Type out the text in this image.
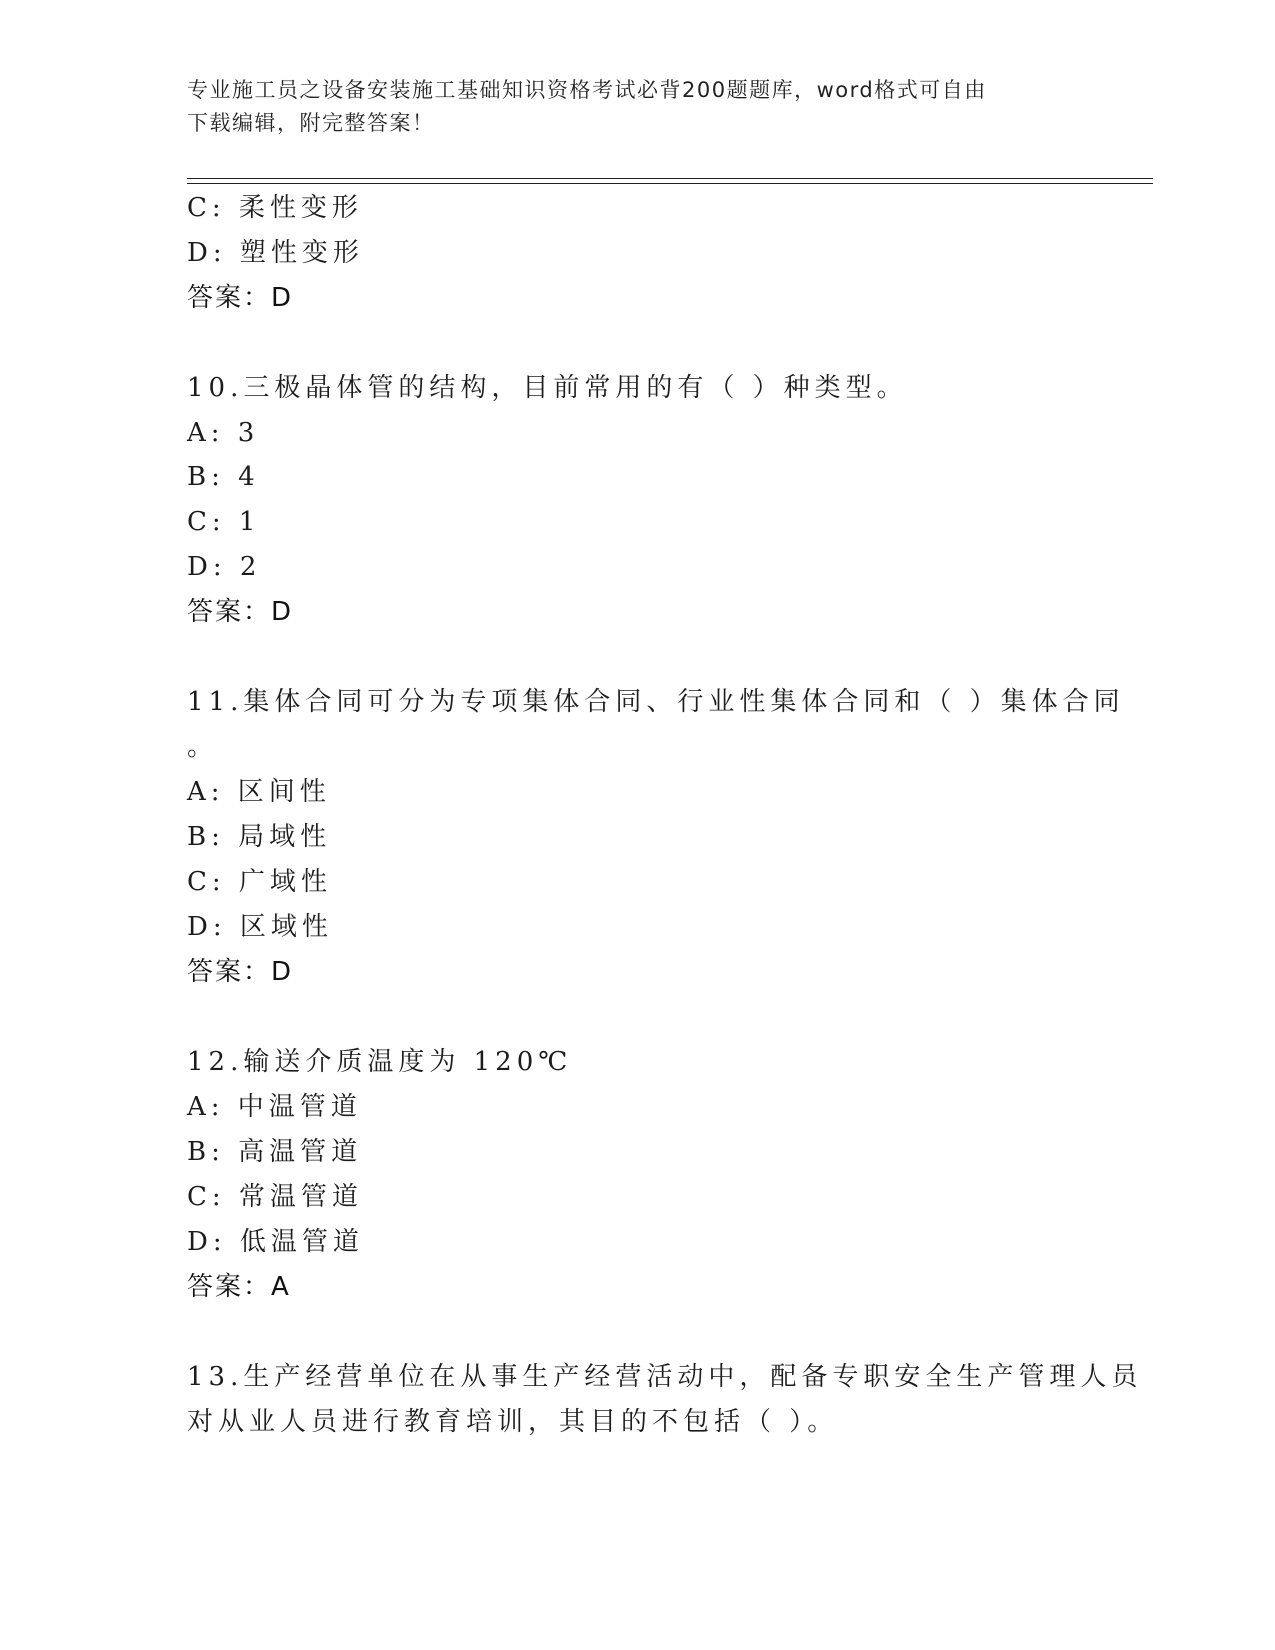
专业施工员之设备安装施工基础知识资格考试必背200题题库，word格式可自由
下载编辑，附完整答案！
C: 柔性变形
D: 塑性变形
答案：D
10.三极晶体管的结构，目前常用的有（ ）种类型。
A: 3
B: 4
C: 1
D: 2
答案：D
11.集体合同可分为专项集体合同、行业性集体合同和（ ）集体合同
。
A: 区间性
B: 局域性
C: 广域性
D: 区域性
答案：D
12.输送介质温度为 120℃
A: 中温管道
B: 高温管道
C: 常温管道
D: 低温管道
答案：A
13.生产经营单位在从事生产经营活动中，配备专职安全生产管理人员
对从业人员进行教育培训，其目的不包括（ ）。
